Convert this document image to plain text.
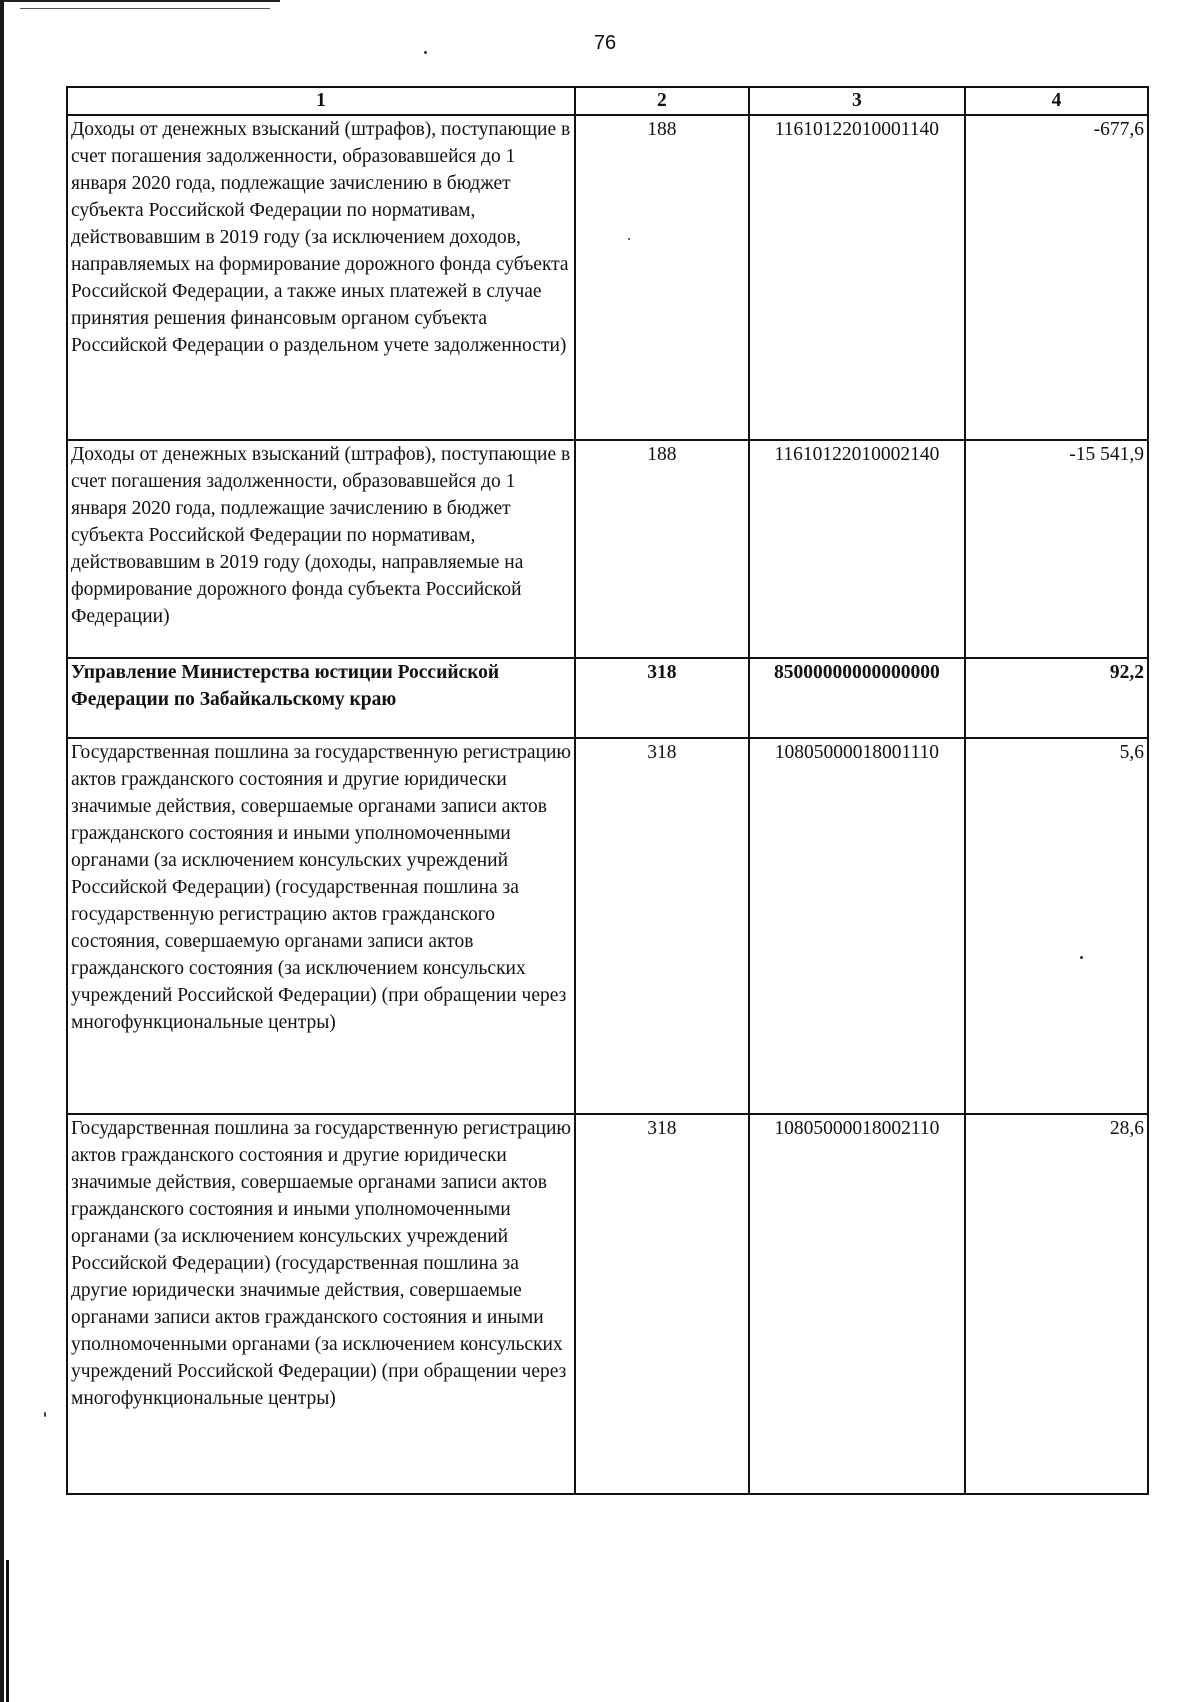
76
1	2	3	4
Доходы от денежных взысканий (штрафов), поступающие в счет погашения задолженности, образовавшейся до 1 января 2020 года, подлежащие зачислению в бюджет субъекта Российской Федерации по нормативам, действовавшим в 2019 году (за исключением доходов, направляемых на формирование дорожного фонда субъекта Российской Федерации, а также иных платежей в случае принятия решения финансовым органом субъекта Российской Федерации о раздельном учете задолженности)	188	11610122010001140	-677,6
Доходы от денежных взысканий (штрафов), поступающие в счет погашения задолженности, образовавшейся до 1 января 2020 года, подлежащие зачислению в бюджет субъекта Российской Федерации по нормативам, действовавшим в 2019 году (доходы, направляемые на формирование дорожного фонда субъекта Российской Федерации)	188	11610122010002140	-15 541,9
Управление Министерства юстиции Российской Федерации по Забайкальскому краю	318	85000000000000000	92,2
Государственная пошлина за государственную регистрацию актов гражданского состояния и другие юридически значимые действия, совершаемые органами записи актов гражданского состояния и иными уполномоченными органами (за исключением консульских учреждений Российской Федерации) (государственная пошлина за государственную регистрацию актов гражданского состояния, совершаемую органами записи актов гражданского состояния (за исключением консульских учреждений Российской Федерации) (при обращении через многофункциональные центры)	318	10805000018001110	5,6
Государственная пошлина за государственную регистрацию актов гражданского состояния и другие юридически значимые действия, совершаемые органами записи актов гражданского состояния и иными уполномоченными органами (за исключением консульских учреждений Российской Федерации) (государственная пошлина за другие юридически значимые действия, совершаемые органами записи актов гражданского состояния и иными уполномоченными органами (за исключением консульских учреждений Российской Федерации) (при обращении через многофункциональные центры)	318	10805000018002110	28,6
